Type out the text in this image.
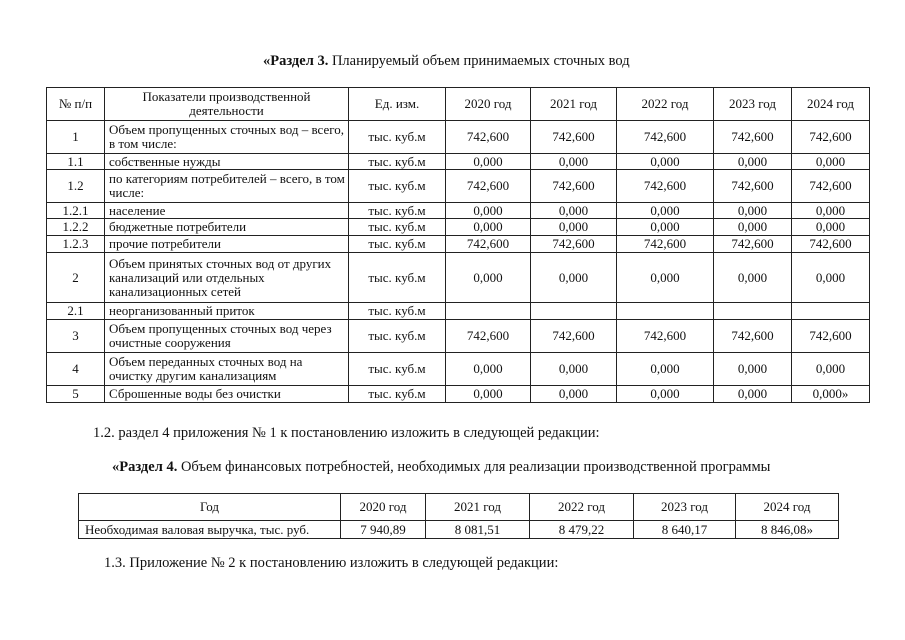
«Раздел 3. Планируемый объем принимаемых сточных вод
№ п/п	Показатели производственной деятельности	Ед. изм.	2020 год	2021 год	2022 год	2023 год	2024 год
1	Объем пропущенных сточных вод – всего, в том числе:	тыс. куб.м	742,600	742,600	742,600	742,600	742,600
1.1	собственные нужды	тыс. куб.м	0,000	0,000	0,000	0,000	0,000
1.2	по категориям потребителей – всего, в том числе:	тыс. куб.м	742,600	742,600	742,600	742,600	742,600
1.2.1	население	тыс. куб.м	0,000	0,000	0,000	0,000	0,000
1.2.2	бюджетные потребители	тыс. куб.м	0,000	0,000	0,000	0,000	0,000
1.2.3	прочие потребители	тыс. куб.м	742,600	742,600	742,600	742,600	742,600
2	Объем принятых сточных вод от других канализаций или отдельных канализационных сетей	тыс. куб.м	0,000	0,000	0,000	0,000	0,000
2.1	неорганизованный приток	тыс. куб.м					
3	Объем пропущенных сточных вод через очистные сооружения	тыс. куб.м	742,600	742,600	742,600	742,600	742,600
4	Объем переданных сточных вод на очистку другим канализациям	тыс. куб.м	0,000	0,000	0,000	0,000	0,000
5	Сброшенные воды без очистки	тыс. куб.м	0,000	0,000	0,000	0,000	0,000»
1.2. раздел 4 приложения № 1 к постановлению изложить в следующей редакции:
«Раздел 4. Объем финансовых потребностей, необходимых для реализации производственной программы
Год	2020 год	2021 год	2022 год	2023 год	2024 год
Необходимая валовая выручка, тыс. руб.	7 940,89	8 081,51	8 479,22	8 640,17	8 846,08»
1.3. Приложение № 2 к постановлению изложить в следующей редакции:
